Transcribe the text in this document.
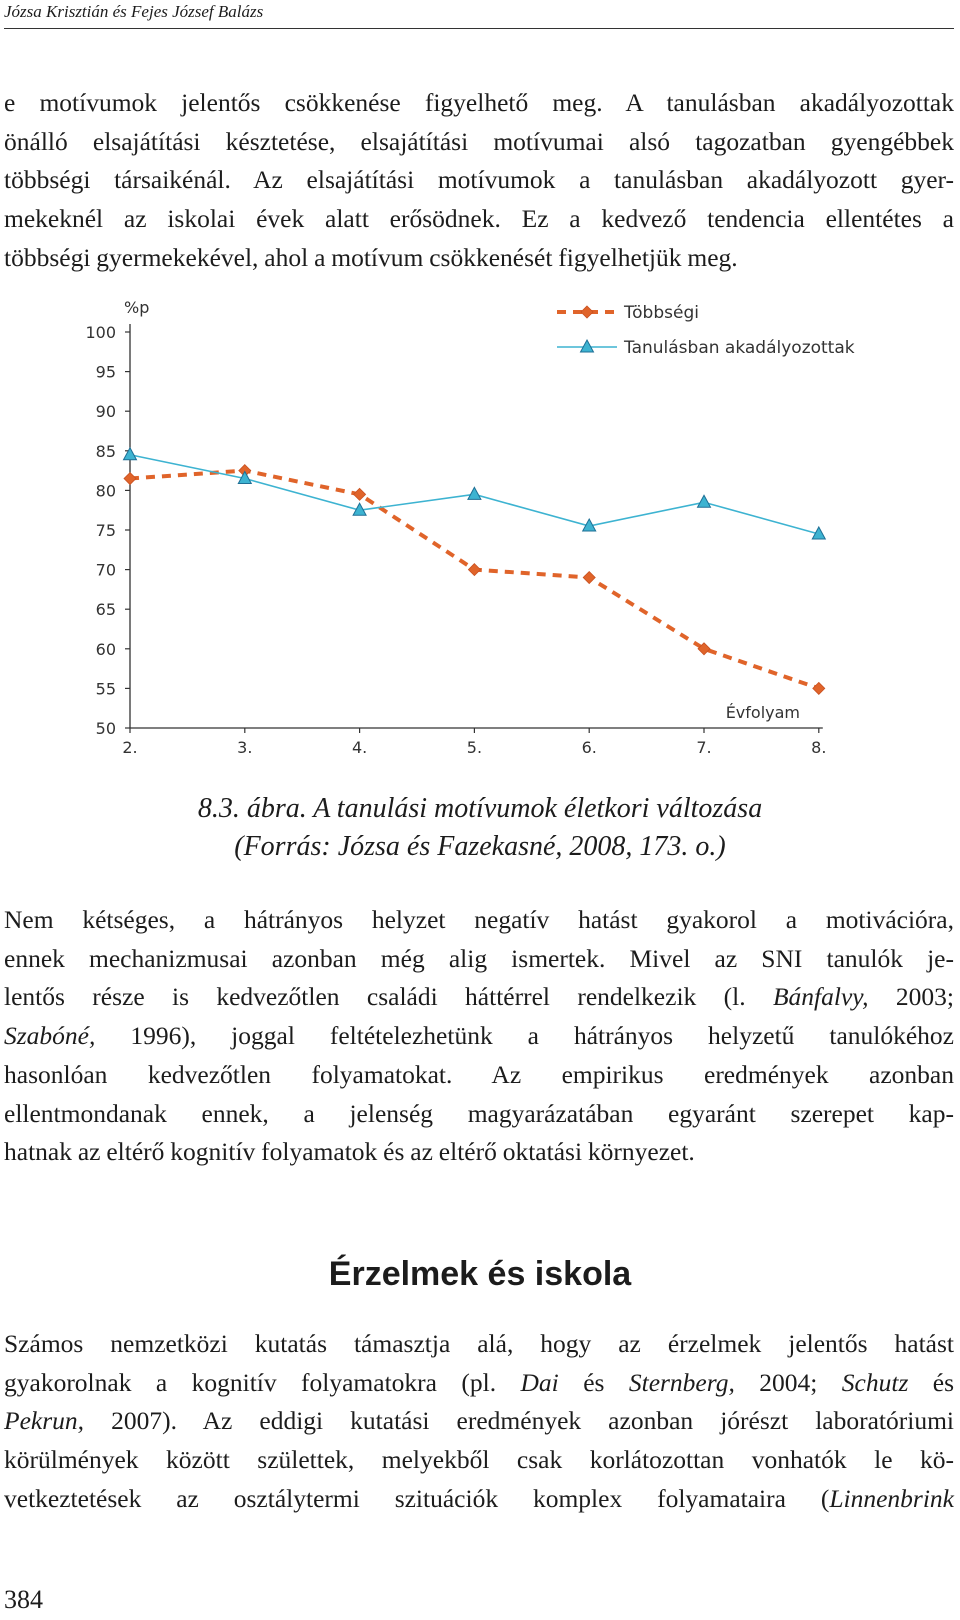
Józsa Krisztián és Fejes József Balázs
e motívumok jelentős csökkenése figyelhető meg. A tanulásban akadályozottak
önálló elsajátítási késztetése, elsajátítási motívumai alsó tagozatban gyengébbek
többségi társaikénál. Az elsajátítási motívumok a tanulásban akadályozott gyer-
mekeknél az iskolai évek alatt erősödnek. Ez a kedvező tendencia ellentétes a
többségi gyermekekével, ahol a motívum csökkenését figyelhetjük meg.
100
95
90
85
80
75
70
65
60
55
50
2.	3.	4.	5.	6.	7.	8.
%p
Évfolyam
Többségi
Tanulásban akadályozottak
8.3. ábra. A tanulási motívumok életkori változása
(Forrás: Józsa és Fazekasné, 2008, 173. o.)
Nem kétséges, a hátrányos helyzet negatív hatást gyakorol a motivációra,
ennek mechanizmusai azonban még alig ismertek. Mivel az SNI tanulók je-
lentős része is kedvezőtlen családi háttérrel rendelkezik (l. Bánfalvy, 2003;
Szabóné, 1996), joggal feltételezhetünk a hátrányos helyzetű tanulókéhoz
hasonlóan kedvezőtlen folyamatokat. Az empirikus eredmények azonban
ellentmondanak ennek, a jelenség magyarázatában egyaránt szerepet kap-
hatnak az eltérő kognitív folyamatok és az eltérő oktatási környezet.
Érzelmek és iskola
Számos nemzetközi kutatás támasztja alá, hogy az érzelmek jelentős hatást
gyakorolnak a kognitív folyamatokra (pl. Dai és Sternberg, 2004; Schutz és
Pekrun, 2007). Az eddigi kutatási eredmények azonban jórészt laboratóriumi
körülmények között születtek, melyekből csak korlátozottan vonhatók le kö-
vetkeztetések az osztálytermi szituációk komplex folyamataira (Linnenbrink
384
